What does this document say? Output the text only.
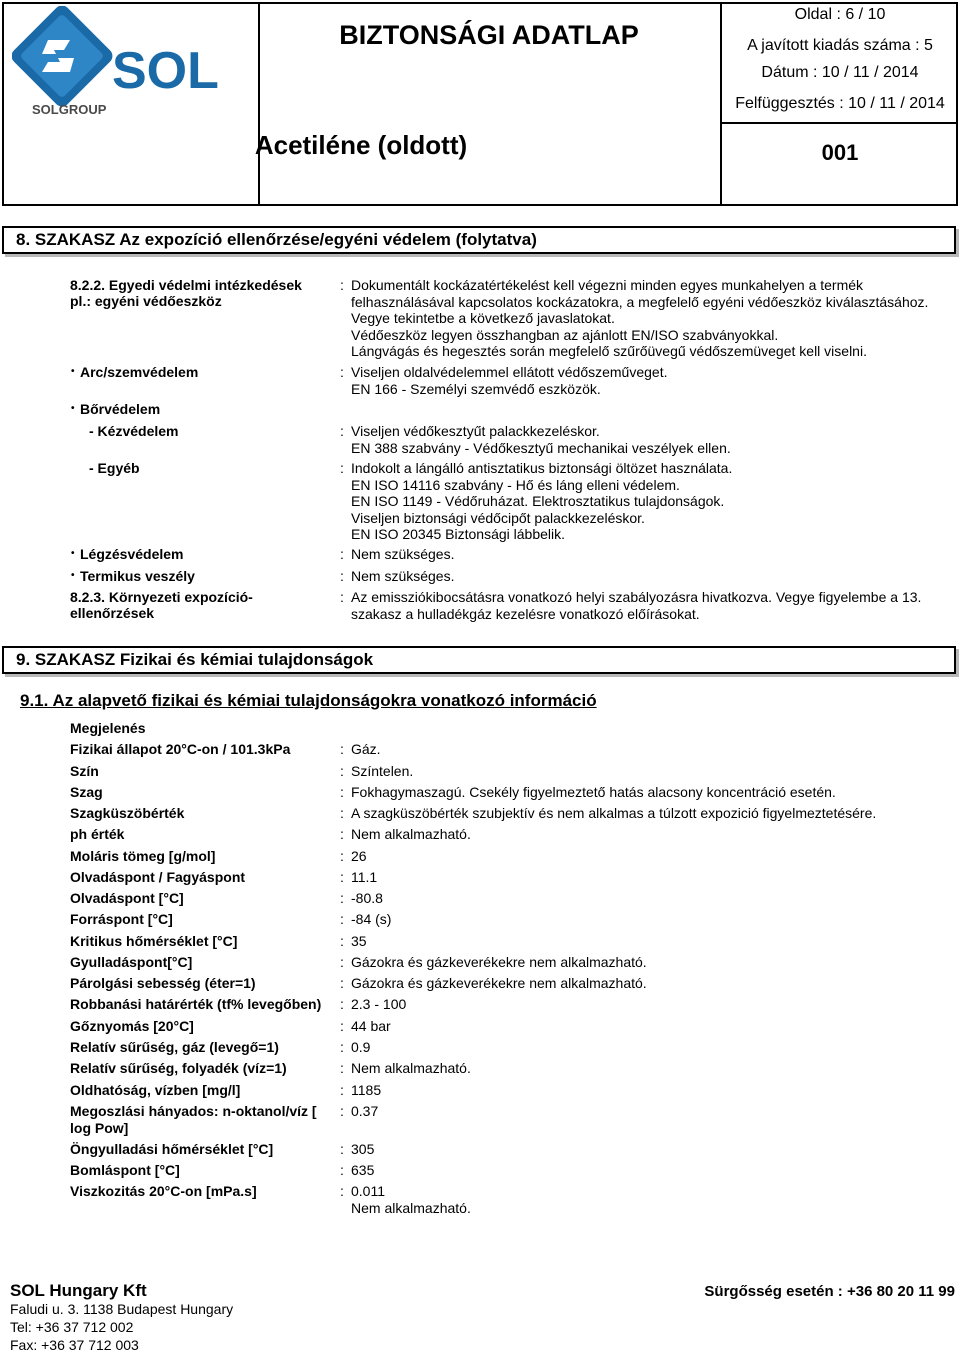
SOL
SOLGROUP
BIZTONSÁGI ADATLAP
Acetiléne (oldott)
Oldal : 6 / 10
A javított kiadás száma : 5
Dátum : 10 / 11 / 2014
Felfüggesztés : 10 / 11 / 2014
001
8. SZAKASZ Az expozíció ellenőrzése/egyéni védelem (folytatva)
8.2.2. Egyedi védelmi intézkedések
pl.: egyéni védőeszköz
: Dokumentált kockázatértékelést kell végezni minden egyes munkahelyen a termék
felhasználásával kapcsolatos kockázatokra, a megfelelő egyéni védőeszköz kiválasztásához.
Vegye tekintetbe a következő javaslatokat.
Védőeszköz legyen összhangban az ajánlott EN/ISO szabványokkal.
Lángvágás és hegesztés során megfelelő szűrőüvegű védőszemüveget kell viselni.
• Arc/szemvédelem	: Viseljen oldalvédelemmel ellátott védőszeműveget.
EN 166 - Személyi szemvédő eszközök.
• Bőrvédelem
- Kézvédelem	: Viseljen védőkesztyűt palackkezeléskor.
EN 388 szabvány - Védőkesztyű mechanikai veszélyek ellen.
- Egyéb	: Indokolt a lángálló antisztatikus biztonsági öltözet használata.
EN ISO 14116 szabvány - Hő és láng elleni védelem.
EN ISO 1149 - Védőruházat. Elektrosztatikus tulajdonságok.
Viseljen biztonsági védőcipőt palackkezeléskor.
EN ISO 20345 Biztonsági lábbelik.
• Légzésvédelem	: Nem szükséges.
• Termikus veszély	: Nem szükséges.
8.2.3. Környezeti expozíció-
ellenőrzések
: Az emissziókibocsátásra vonatkozó helyi szabályozásra hivatkozva. Vegye figyelembe a 13.
szakasz a hulladékgáz kezelésre vonatkozó előírásokat.
9. SZAKASZ Fizikai és kémiai tulajdonságok
9.1. Az alapvető fizikai és kémiai tulajdonságokra vonatkozó információ
Megjelenés
Fizikai állapot 20°C-on / 101.3kPa	: Gáz.
Szín	: Színtelen.
Szag	: Fokhagymaszagú. Csekély figyelmeztető hatás alacsony koncentráció esetén.
Szagküszöbérték	: A szagküszöbérték szubjektív és nem alkalmas a túlzott expozició figyelmeztetésére.
ph érték	: Nem alkalmazható.
Moláris tömeg [g/mol]	: 26
Olvadáspont / Fagyáspont	: 11.1
Olvadáspont [°C]	: -80.8
Forráspont [°C]	: -84 (s)
Kritikus hőmérséklet [°C]	: 35
Gyulladáspont[°C]	: Gázokra és gázkeverékekre nem alkalmazható.
Párolgási sebesség (éter=1)	: Gázokra és gázkeverékekre nem alkalmazható.
Robbanási határérték (tf% levegőben) : 2.3 - 100
Gőznyomás [20°C]	: 44 bar
Relatív sűrűség, gáz (levegő=1)	: 0.9
Relatív sűrűség, folyadék (víz=1)	: Nem alkalmazható.
Oldhatóság, vízben [mg/l]	: 1185
Megoszlási hányados: n-oktanol/víz [
log Pow]
: 0.37
Öngyulladási hőmérséklet [°C]	: 305
Bomláspont [°C]	: 635
Viszkozitás 20°C-on [mPa.s]	: 0.011
Nem alkalmazható.
SOL Hungary Kft
Faludi u. 3. 1138 Budapest Hungary
Tel: +36 37 712 002
Fax: +36 37 712 003
Sürgősség esetén : +36 80 20 11 99
